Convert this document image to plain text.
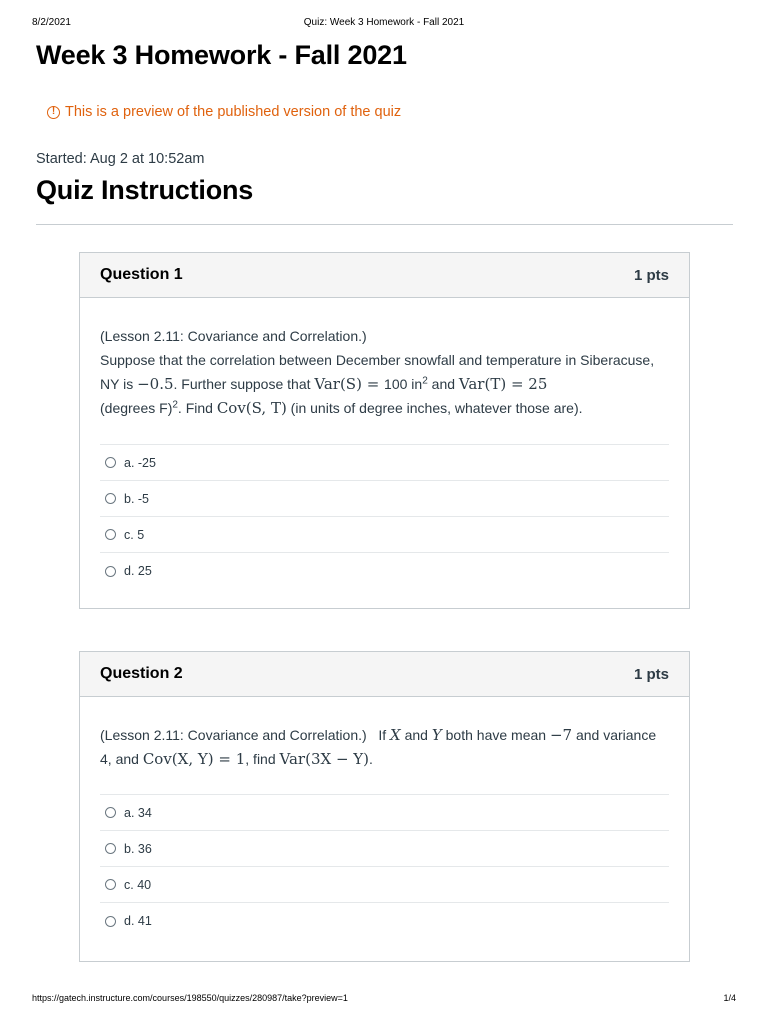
8/2/2021	Quiz: Week 3 Homework - Fall 2021
Week 3 Homework - Fall 2021
! This is a preview of the published version of the quiz
Started: Aug 2 at 10:52am
Quiz Instructions
Question 1	1 pts
(Lesson 2.11: Covariance and Correlation.)
Suppose that the correlation between December snowfall and temperature in Siberacuse, NY is −0.5. Further suppose that Var(S) = 100 $in^2$ and Var(T) = 25
(degrees F)$^2$. Find Cov(S, T) (in units of degree inches, whatever those are).
a. -25
b. -5
c. 5
d. 25
Question 2	1 pts
(Lesson 2.11: Covariance and Correlation.) If X and Y both have mean −7 and variance 4, and Cov(X, Y) = 1, find Var(3X − Y).
a. 34
b. 36
c. 40
d. 41
https://gatech.instructure.com/courses/198550/quizzes/280987/take?preview=1	1/4
